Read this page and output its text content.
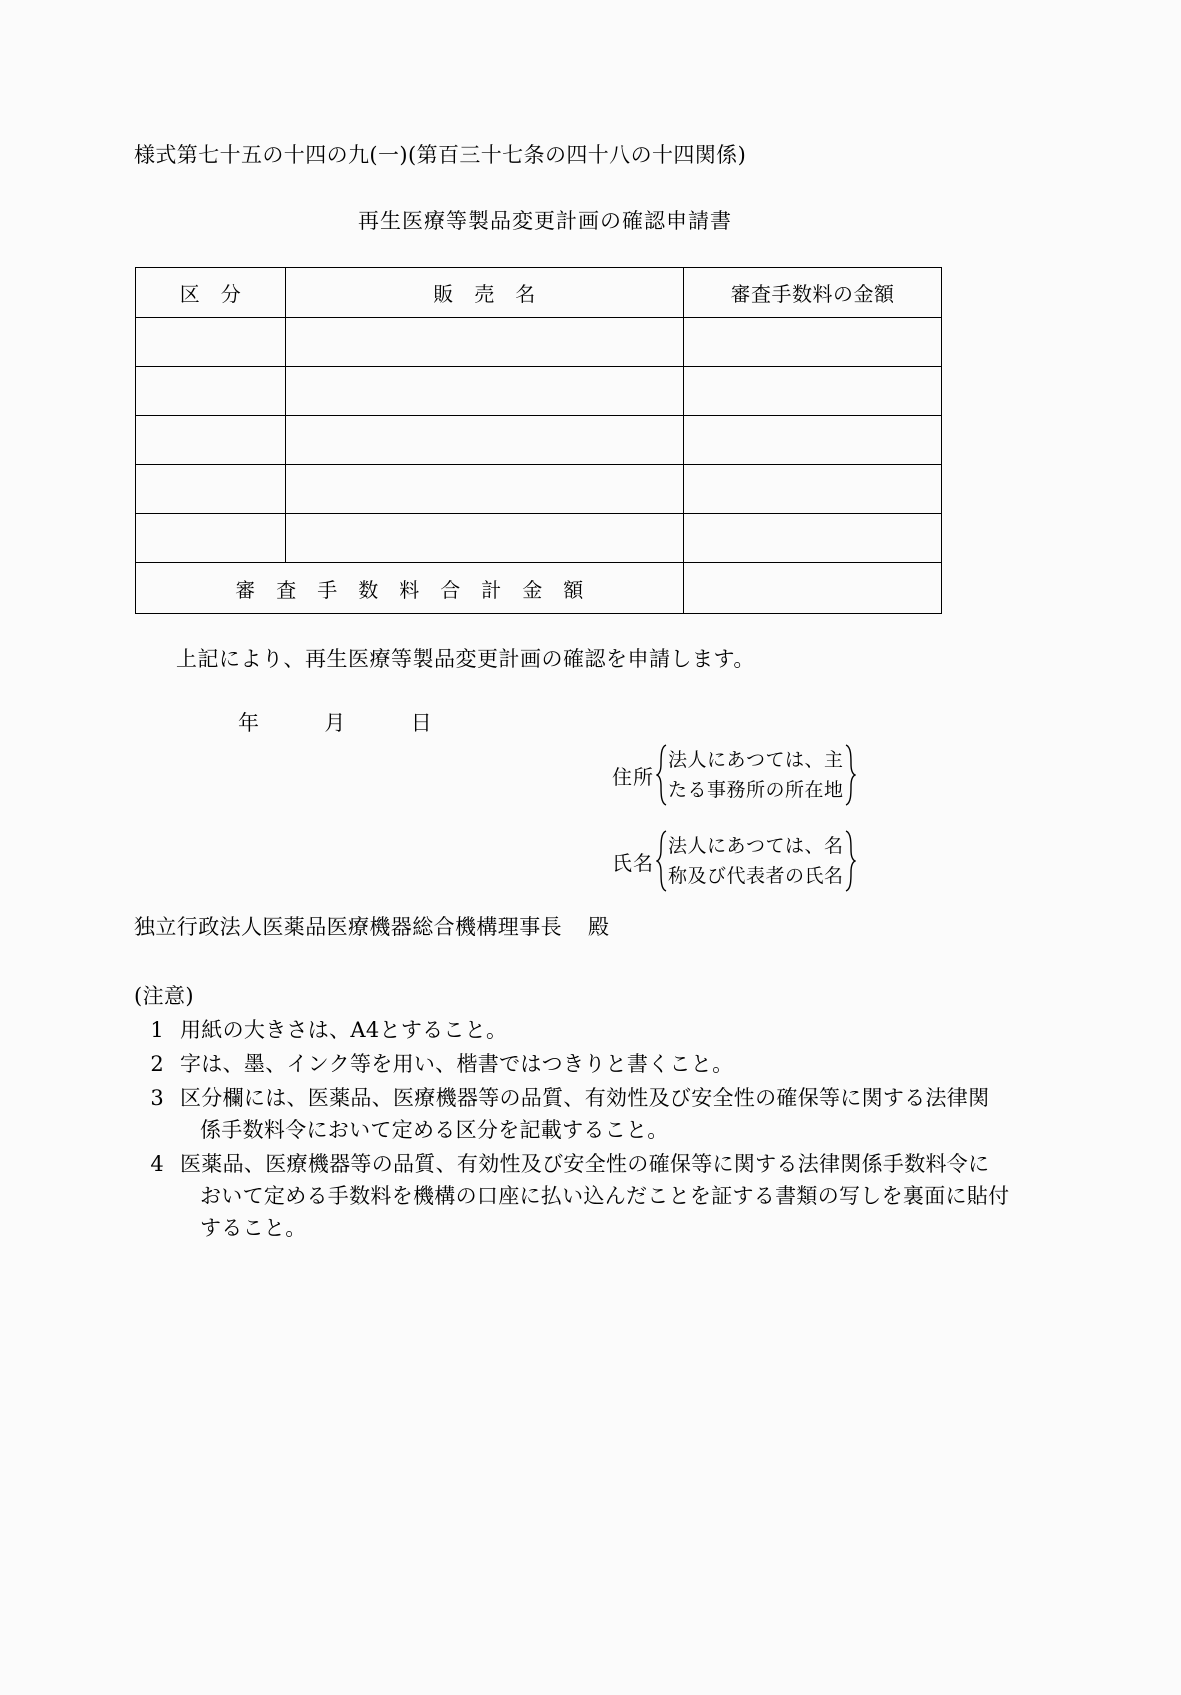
様式第七十五の十四の九(一)(第百三十七条の四十八の十四関係)
再生医療等製品変更計画の確認申請書
区　分	販　売　名	審査手数料の金額

審　査　手　数　料　合　計　金　額		
上記により、再生医療等製品変更計画の確認を申請します。
年	月	日
住所
法人にあつては、主
たる事務所の所在地
氏名
法人にあつては、名
称及び代表者の氏名
独立行政法人医薬品医療機器総合機構理事長 殿
(注意)
1 用紙の大きさは、A4とすること。
2 字は、墨、インク等を用い、楷書ではつきりと書くこと。
3 区分欄には、医薬品、医療機器等の品質、有効性及び安全性の確保等に関する法律関
係手数料令において定める区分を記載すること。
4 医薬品、医療機器等の品質、有効性及び安全性の確保等に関する法律関係手数料令に
おいて定める手数料を機構の口座に払い込んだことを証する書類の写しを裏面に貼付
すること。
